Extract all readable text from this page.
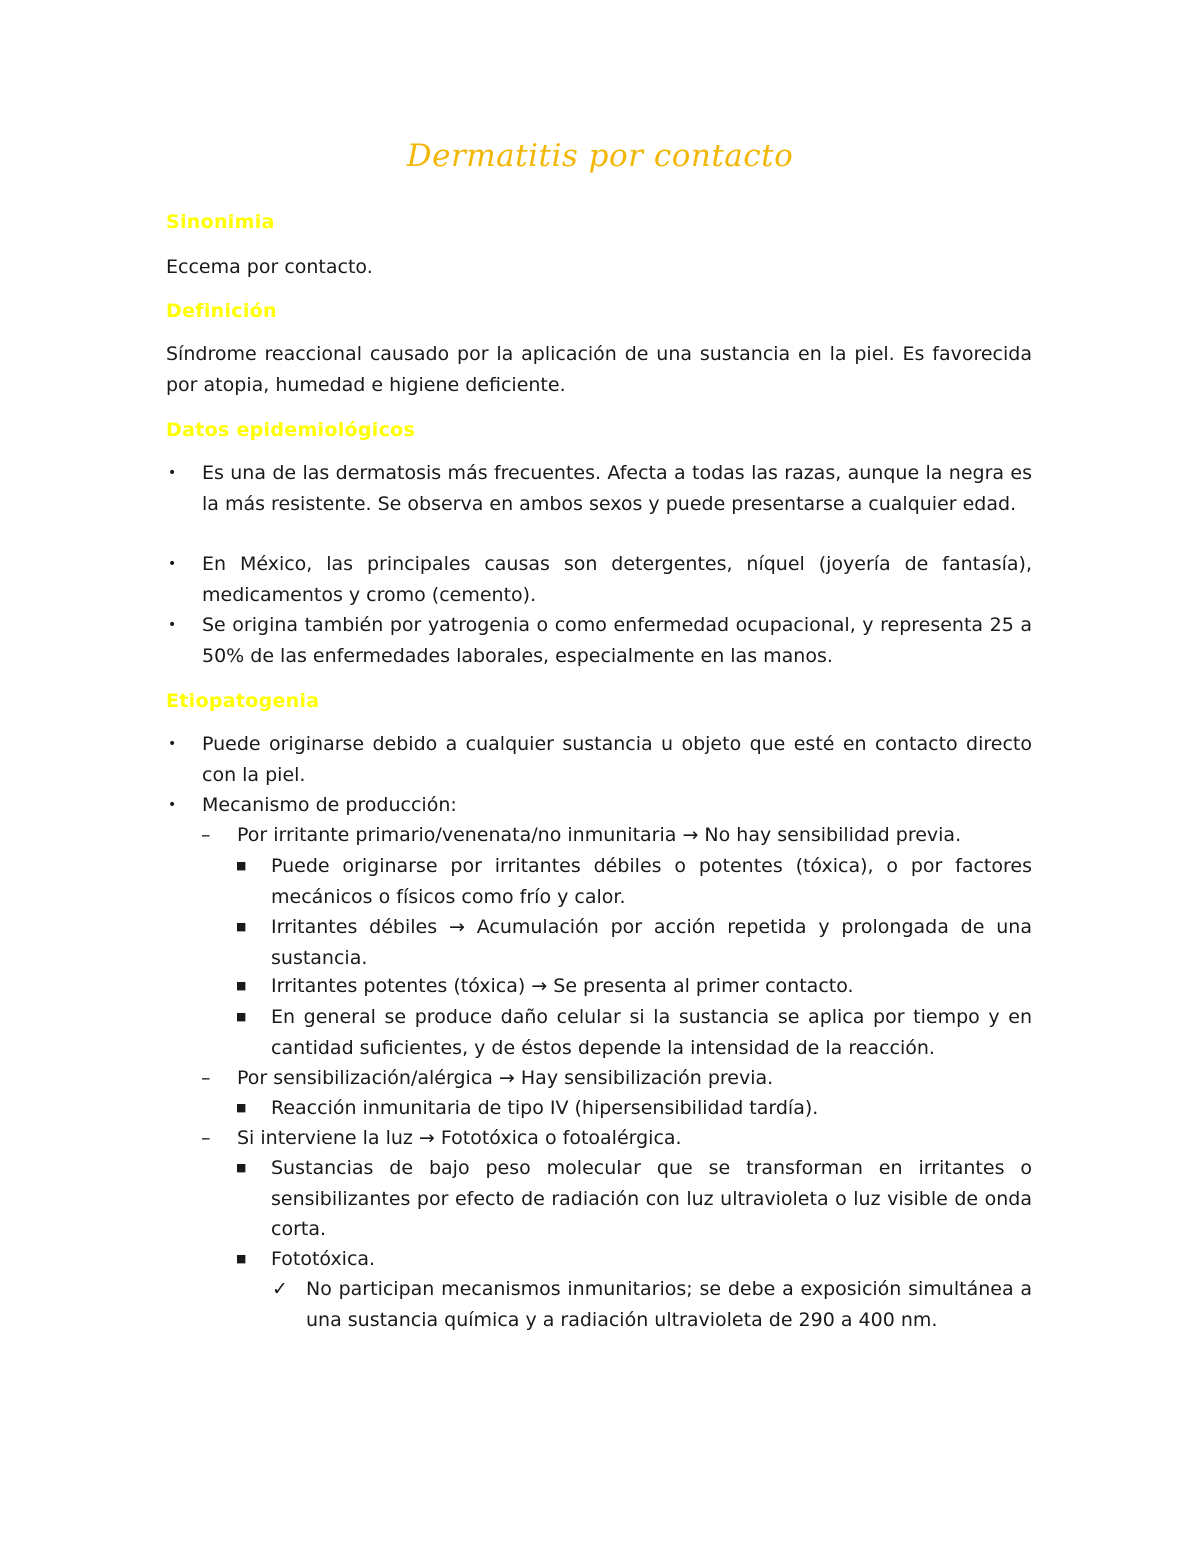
Dermatitis por contacto
Sinonimia
Eccema por contacto.
Definición
Síndrome reaccional causado por la aplicación de una sustancia en la piel. Es favorecida por atopia, humedad e higiene deficiente.
Datos epidemiológicos
• Es una de las dermatosis más frecuentes. Afecta a todas las razas, aunque la negra es la más resistente. Se observa en ambos sexos y puede presentarse a cualquier edad.
• En México, las principales causas son detergentes, níquel (joyería de fantasía), medicamentos y cromo (cemento).
• Se origina también por yatrogenia o como enfermedad ocupacional, y representa 25 a 50% de las enfermedades laborales, especialmente en las manos.
Etiopatogenia
• Puede originarse debido a cualquier sustancia u objeto que esté en contacto directo con la piel.
• Mecanismo de producción:
– Por irritante primario/venenata/no inmunitaria → No hay sensibilidad previa.
■ Puede originarse por irritantes débiles o potentes (tóxica), o por factores mecánicos o físicos como frío y calor.
■ Irritantes débiles → Acumulación por acción repetida y prolongada de una sustancia.
■ Irritantes potentes (tóxica) → Se presenta al primer contacto.
■ En general se produce daño celular si la sustancia se aplica por tiempo y en cantidad suficientes, y de éstos depende la intensidad de la reacción.
– Por sensibilización/alérgica → Hay sensibilización previa.
■ Reacción inmunitaria de tipo IV (hipersensibilidad tardía).
– Si interviene la luz → Fototóxica o fotoalérgica.
■ Sustancias de bajo peso molecular que se transforman en irritantes o sensibilizantes por efecto de radiación con luz ultravioleta o luz visible de onda corta.
■ Fototóxica.
✓ No participan mecanismos inmunitarios; se debe a exposición simultánea a una sustancia química y a radiación ultravioleta de 290 a 400 nm.
